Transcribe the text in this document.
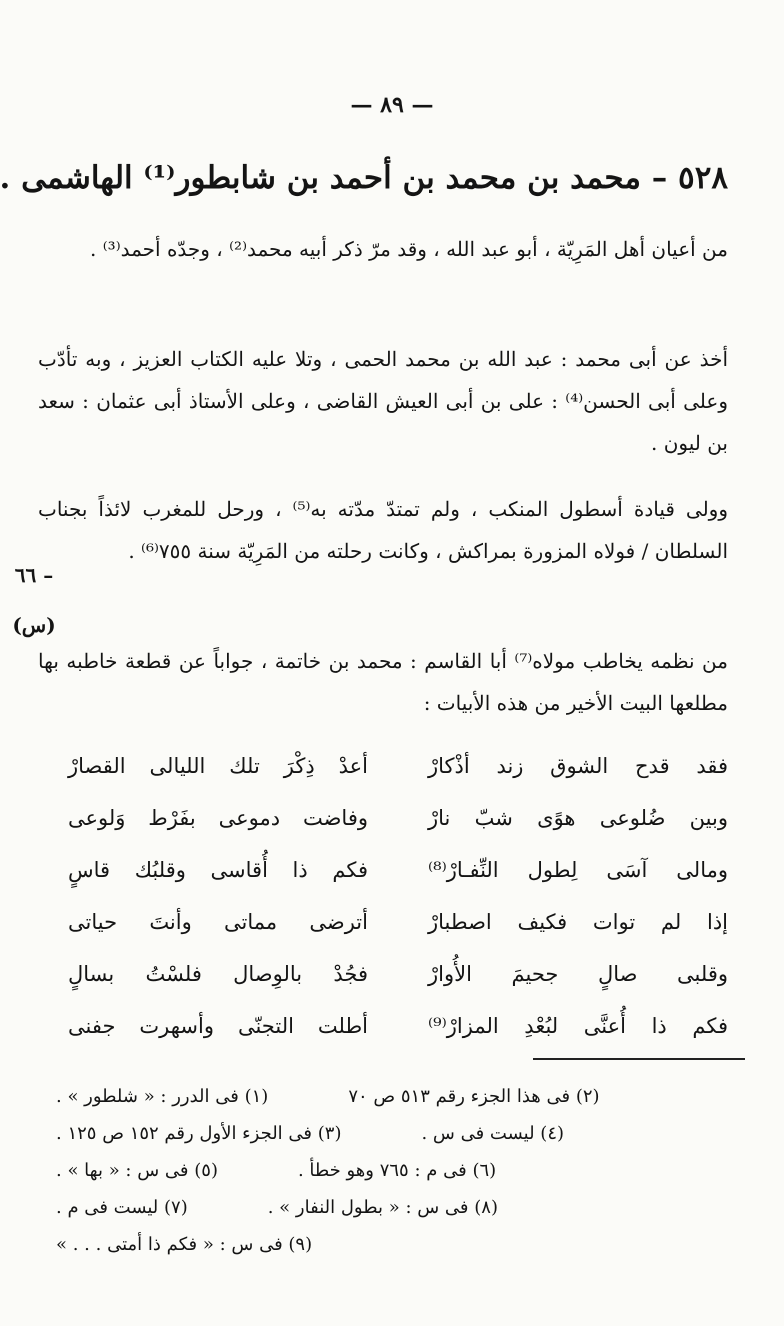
— ٨٩ —
٥٢٨ – محمد بن محمد بن أحمد بن شابطور⁽¹⁾ الهاشمى .
من أعيان أهل المَرِيّة ، أبو عبد الله ، وقد مرّ ذكر أبيه محمد⁽²⁾ ، وجدّه أحمد⁽³⁾ .
أخذ عن أبى محمد : عبد الله بن محمد الحمى ، وتلا عليه الكتاب العزيز ، وبه تأدّب وعلى أبى الحسن⁽⁴⁾ : على بن أبى العيش القاضى ، وعلى الأستاذ أبى عثمان : سعد بن ليون .
وولى قيادة أسطول المنكب ، ولم تمتدّ مدّته به⁽⁵⁾ ، ورحل للمغرب لائذاً بجناب السلطان / فولاه المزورة بمراكش ، وكانت رحلته من المَرِيّة سنة ٧٥٥⁽⁶⁾ .
من نظمه يخاطب مولاه⁽⁷⁾ أبا القاسم : محمد بن خاتمة ، جواباً عن قطعة خاطبه بها مطلعها البيت الأخير من هذه الأبيات :
– ٦٦
(س)
أعدْ ذِكْرَ تلك الليالى القصارْ	فقد قدح الشوق زند أذْكارْ
وفاضت دموعى بفَرْط وَلوعى	وبين ضُلوعى هوًى شبّ نارْ
فكم ذا أُقاسى وقلبُك قاسٍ	ومالى آسَى لِطول النِّفـارْ⁽⁸⁾
أترضى مماتى وأنتَ حياتى	إذا لم توات فكيف اصطبارْ
فجُدْ بالوِصال فلسْتُ بسالٍ	وقلبى صالٍ جحيمَ الأُوارْ
أطلت التجنّى وأسهرت جفنى	فكم ذا أُعنَّى لبُعْدِ المزارْ⁽⁹⁾
(١) فى الدرر : « شلطور » .	(٢) فى هذا الجزء رقم ٥١٣ ص ٧٠
(٣) فى الجزء الأول رقم ١٥٢ ص ١٢٥ .	(٤) ليست فى س .
(٥) فى س : « بها » .	(٦) فى م : ٧٦٥ وهو خطأ .
(٧) ليست فى م .	(٨) فى س : « بطول النفار » .
(٩) فى س : « فكم ذا أمتى . . . »
